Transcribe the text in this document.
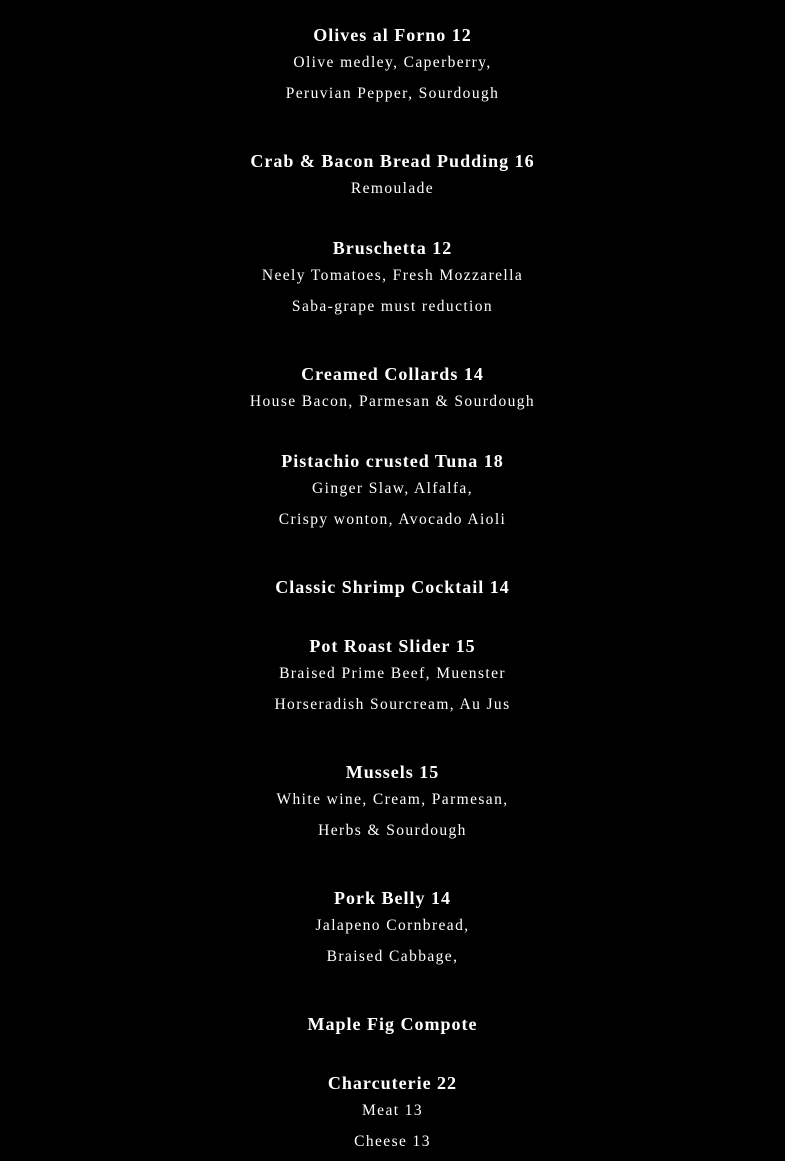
Olives al Forno 12
Olive medley, Caperberry,
Peruvian Pepper, Sourdough
Crab & Bacon Bread Pudding 16
Remoulade
Bruschetta 12
Neely Tomatoes, Fresh Mozzarella
Saba-grape must reduction
Creamed Collards 14
House Bacon, Parmesan & Sourdough
Pistachio crusted Tuna 18
Ginger Slaw, Alfalfa,
Crispy wonton, Avocado Aioli
Classic Shrimp Cocktail 14
Pot Roast Slider 15
Braised Prime Beef, Muenster
Horseradish Sourcream, Au Jus
Mussels 15
White wine, Cream, Parmesan,
Herbs & Sourdough
Pork Belly 14
Jalapeno Cornbread,
Braised Cabbage,
Maple Fig Compote
Charcuterie 22
Meat 13
Cheese 13
